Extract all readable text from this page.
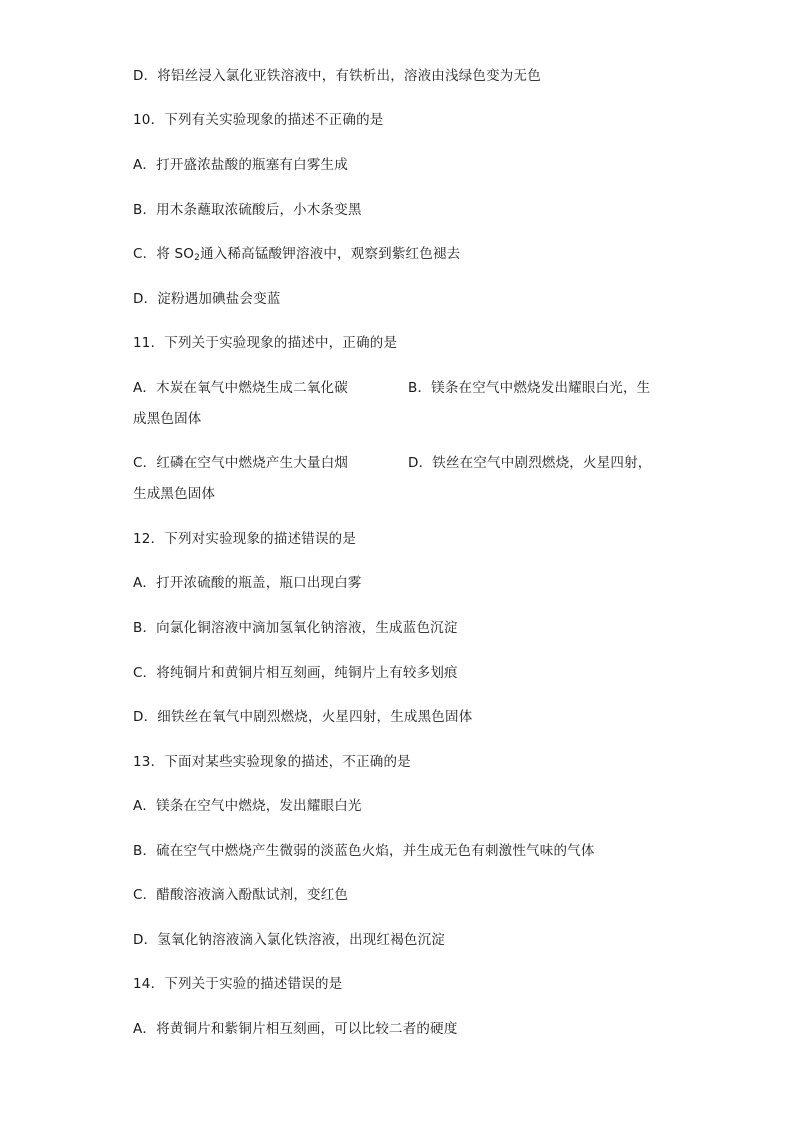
D．将铝丝浸入氯化亚铁溶液中，有铁析出，溶液由浅绿色变为无色
10．下列有关实验现象的描述不正确的是
A．打开盛浓盐酸的瓶塞有白雾生成
B．用木条蘸取浓硫酸后，小木条变黑
C．将 $SO_2$通入稀高锰酸钾溶液中，观察到紫红色褪去
D．淀粉遇加碘盐会变蓝
11．下列关于实验现象的描述中，正确的是
A．木炭在氧气中燃烧生成二氧化碳	B．镁条在空气中燃烧发出耀眼白光，生
成黑色固体
C．红磷在空气中燃烧产生大量白烟	D．铁丝在空气中剧烈燃烧，火星四射，
生成黑色固体
12．下列对实验现象的描述错误的是
A．打开浓硫酸的瓶盖，瓶口出现白雾
B．向氯化铜溶液中滴加氢氧化钠溶液，生成蓝色沉淀
C．将纯铜片和黄铜片相互刻画，纯铜片上有较多划痕
D．细铁丝在氧气中剧烈燃烧，火星四射，生成黑色固体
13．下面对某些实验现象的描述，不正确的是
A．镁条在空气中燃烧，发出耀眼白光
B．硫在空气中燃烧产生微弱的淡蓝色火焰，并生成无色有刺激性气味的气体
C．醋酸溶液滴入酚酞试剂，变红色
D．氢氧化钠溶液滴入氯化铁溶液，出现红褐色沉淀
14．下列关于实验的描述错误的是
A．将黄铜片和紫铜片相互刻画，可以比较二者的硬度
